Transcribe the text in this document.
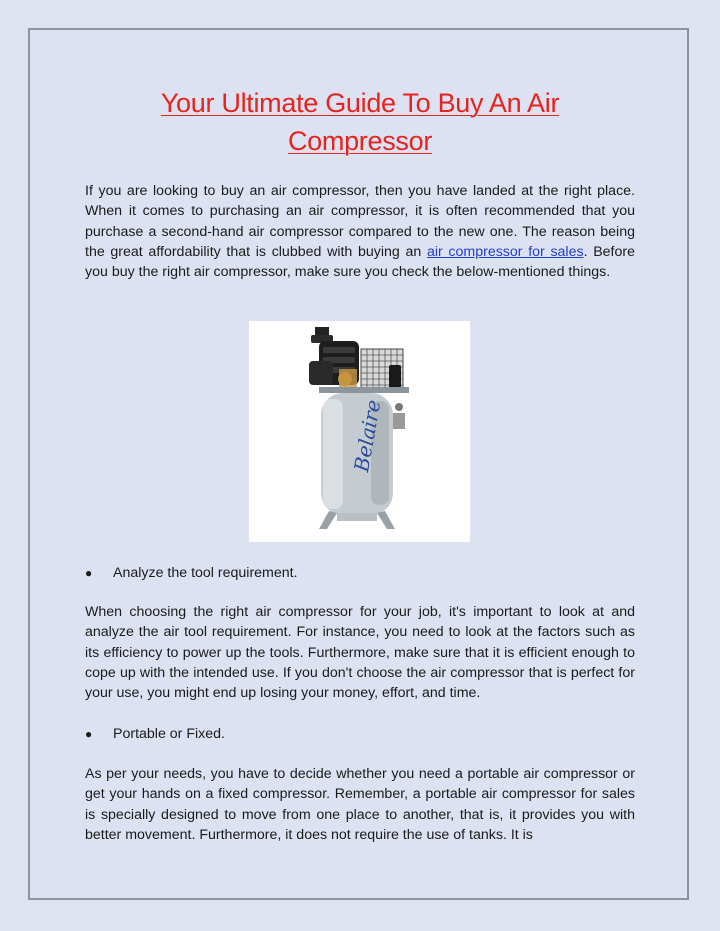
Your Ultimate Guide To Buy An Air
Compressor

If you are looking to buy an air compressor, then you have landed at the right place. When it comes to purchasing an air compressor, it is often recommended that you purchase a second-hand air compressor compared to the new one. The reason being the great affordability that is clubbed with buying an air compressor for sales. Before you buy the right air compressor, make sure you check the below-mentioned things.

Belaire
● Analyze the tool requirement.

When choosing the right air compressor for your job, it's important to look at and analyze the air tool requirement. For instance, you need to look at the factors such as its efficiency to power up the tools. Furthermore, make sure that it is efficient enough to cope up with the intended use. If you don't choose the air compressor that is perfect for your use, you might end up losing your money, effort, and time.

● Portable or Fixed.

As per your needs, you have to decide whether you need a portable air compressor or get your hands on a fixed compressor. Remember, a portable air compressor for sales is specially designed to move from one place to another, that is, it provides you with better movement. Furthermore, it does not require the use of tanks. It is
